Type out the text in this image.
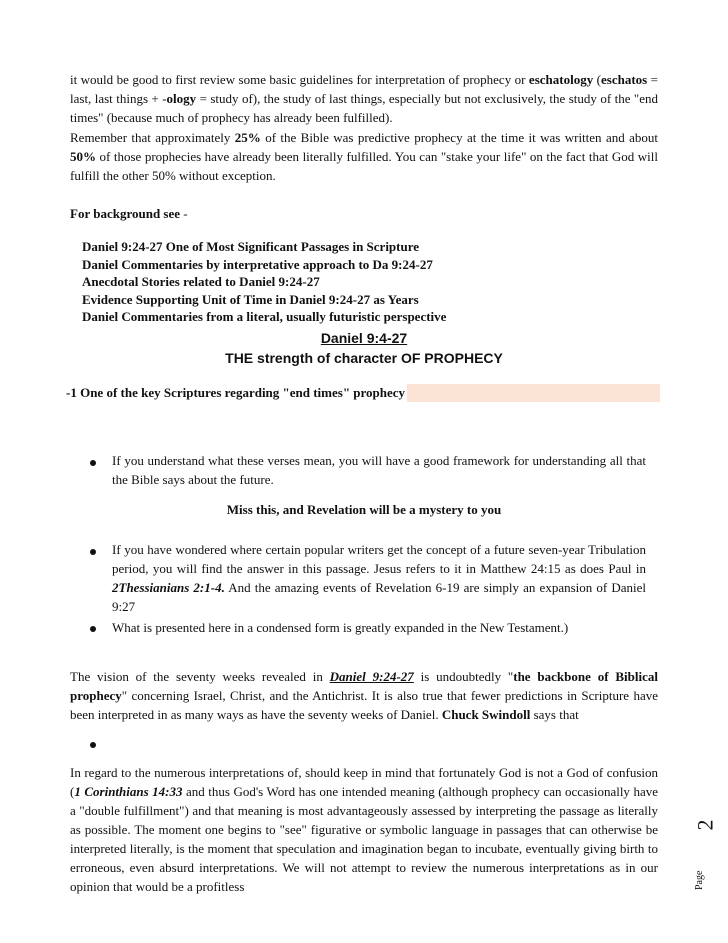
it would be good to first review some basic guidelines for interpretation of prophecy or eschatology (eschatos = last, last things + -ology = study of), the study of last things, especially but not exclusively, the study of the "end times" (because much of prophecy has already been fulfilled).

Remember that approximately 25% of the Bible was predictive prophecy at the time it was written and about 50% of those prophecies have already been literally fulfilled. You can "stake your life" on the fact that God will fulfill the other 50% without exception.

For background see -

Daniel 9:24-27 One of Most Significant Passages in Scripture
Daniel Commentaries by interpretative approach to Da 9:24-27
Anecdotal Stories related to Daniel 9:24-27
Evidence Supporting Unit of Time in Daniel 9:24-27 as Years
Daniel Commentaries from a literal, usually futuristic perspective
Daniel 9:4-27
THE strength of character OF PROPHECY
-1 One of the key Scriptures regarding "end times" prophecy
If you understand what these verses mean, you will have a good framework for understanding all that the Bible says about the future.
Miss this, and Revelation will be a mystery to you
If you have wondered where certain popular writers get the concept of a future seven-year Tribulation period, you will find the answer in this passage. Jesus refers to it in Matthew 24:15 as does Paul in 2Thessianians 2:1-4. And the amazing events of Revelation 6-19 are simply an expansion of Daniel 9:27
What is presented here in a condensed form is greatly expanded in the New Testament.)

The vision of the seventy weeks revealed in Daniel 9:24-27 is undoubtedly "the backbone of Biblical prophecy" concerning Israel, Christ, and the Antichrist. It is also true that fewer predictions in Scripture have been interpreted in as many ways as have the seventy weeks of Daniel. Chuck Swindoll says that

In regard to the numerous interpretations of, should keep in mind that fortunately God is not a God of confusion (1 Corinthians 14:33 and thus God's Word has one intended meaning (although prophecy can occasionally have a "double fulfillment") and that meaning is most advantageously assessed by interpreting the passage as literally as possible. The moment one begins to "see" figurative or symbolic language in passages that can otherwise be interpreted literally, is the moment that speculation and imagination began to incubate, eventually giving birth to erroneous, even absurd interpretations. We will not attempt to review the numerous interpretations as in our opinion that would be a profitless	Page
2
